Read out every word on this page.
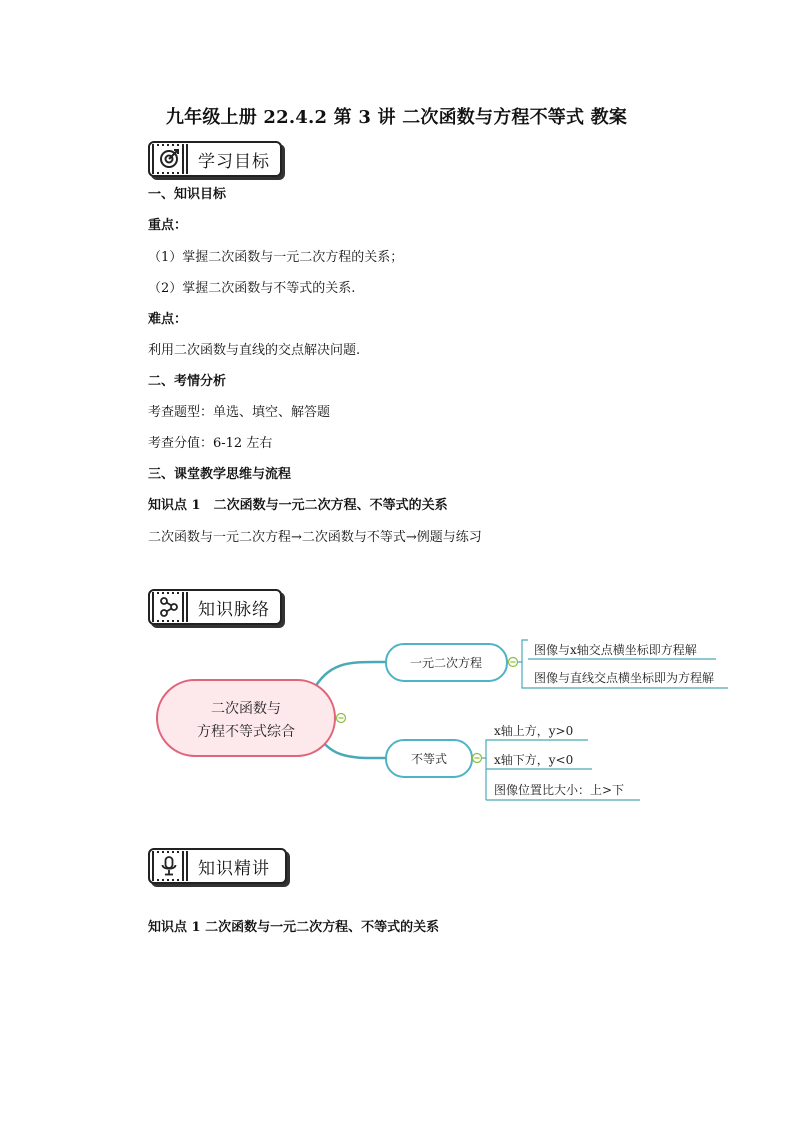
九年级上册 22.4.2 第 3 讲 二次函数与方程不等式 教案
学习目标
一、知识目标
重点：
（1）掌握二次函数与一元二次方程的关系；
（2）掌握二次函数与不等式的关系.
难点：
利用二次函数与直线的交点解决问题.
二、考情分析
考查题型：单选、填空、解答题
考查分值：6-12 左右
三、课堂教学思维与流程
知识点 1　二次函数与一元二次方程、不等式的关系
二次函数与一元二次方程→二次函数与不等式→例题与练习
知识脉络
二次函数与
方程不等式综合
一元二次方程
图像与x轴交点横坐标即方程解
图像与直线交点横坐标即为方程解
不等式
x轴上方，y>0
x轴下方，y<0
图像位置比大小：上>下
知识精讲
知识点 1 二次函数与一元二次方程、不等式的关系
